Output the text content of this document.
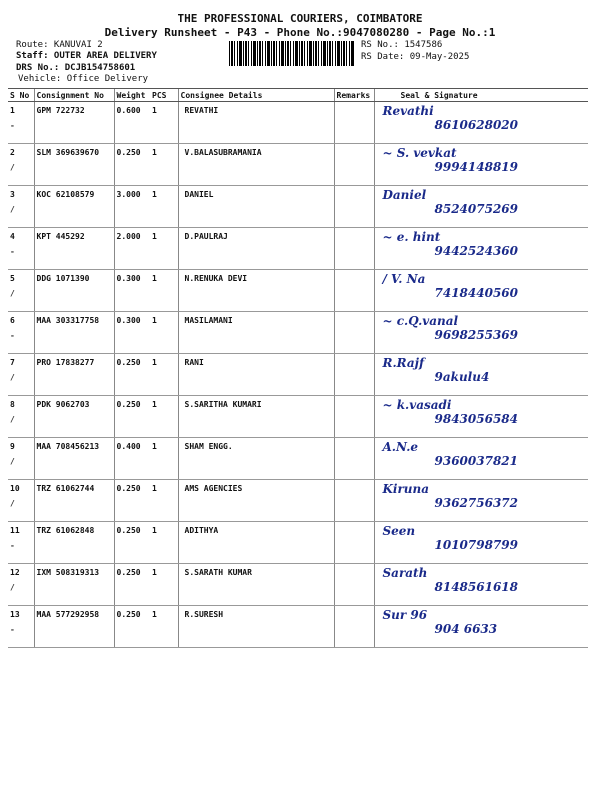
THE PROFESSIONAL COURIERS, COIMBATORE
Delivery Runsheet - P43 - Phone No.:9047080280 - Page No.:1
Route: KANUVAI 2
Staff: OUTER AREA DELIVERY
DRS No.: DCJB154758601
Vehicle: Office Delivery
RS No.: 1547586
RS Date: 09-May-2025
S No	Consignment No	Weight	PCS	Consignee Details	Remarks	Seal & Signature
1
-	GPM 722732	0.600	1	REVATHI		Revathi
8610628020

2
/	SLM 369639670	0.250	1	V.BALASUBRAMANIA		~ S. vevkat
9994148819

3
/	KOC 62108579	3.000	1	DANIEL		Daniel
8524075269

4
-	KPT 445292	2.000	1	D.PAULRAJ		~ e. hint
9442524360

5
/	DDG 1071390	0.300	1	N.RENUKA DEVI		/ V. Na
7418440560

6
-	MAA 303317758	0.300	1	MASILAMANI		~ c.Q.vanal
9698255369

7
/	PRO 17838277	0.250	1	RANI		R.Rajf
9akulu4

8
/	PDK 9062703	0.250	1	S.SARITHA KUMARI		~ k.vasadi
9843056584

9
/	MAA 708456213	0.400	1	SHAM ENGG.		A.N.e
9360037821

10
/	TRZ 61062744	0.250	1	AMS AGENCIES		Kiruna
9362756372

11
-	TRZ 61062848	0.250	1	ADITHYA		Seen
1010798799

12
/	IXM 508319313	0.250	1	S.SARATH KUMAR		Sarath
8148561618

13
-	MAA 577292958	0.250	1	R.SURESH		Sur 96
904 6633
